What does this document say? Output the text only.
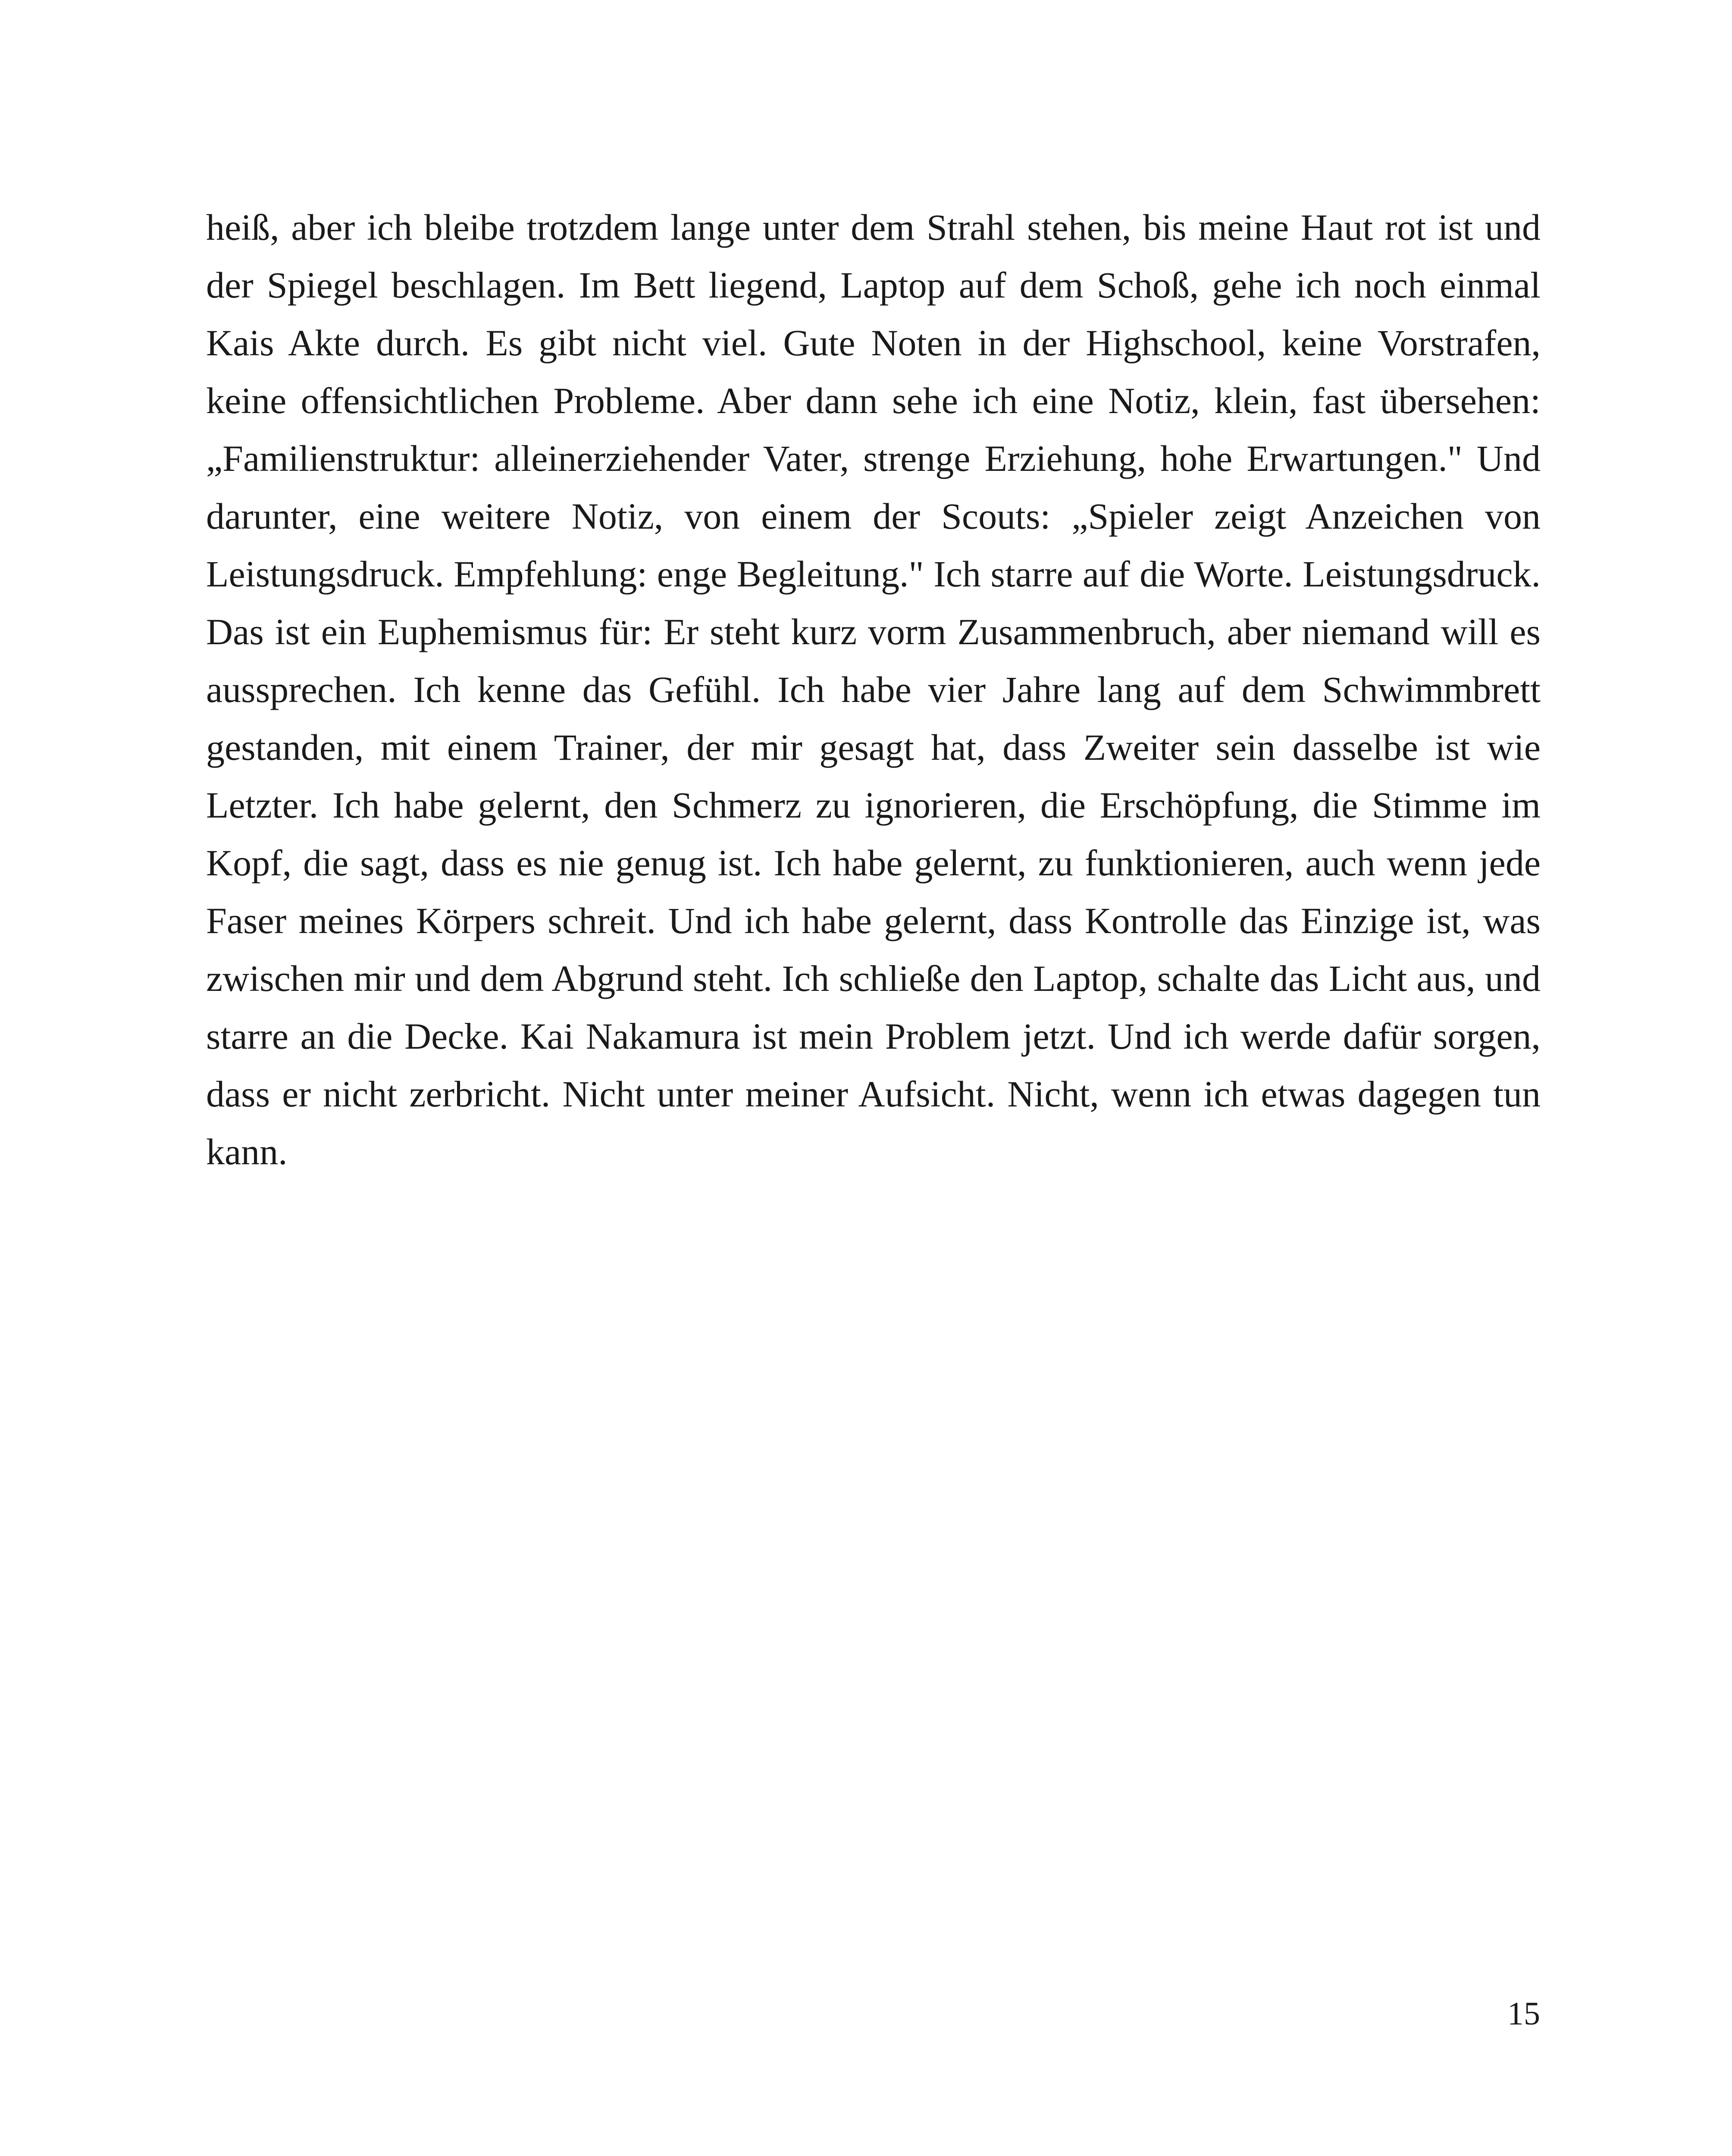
heiß, aber ich bleibe trotzdem lange unter dem Strahl stehen, bis meine Haut rot ist und der Spiegel beschlagen. Im Bett liegend, Laptop auf dem Schoß, gehe ich noch einmal Kais Akte durch. Es gibt nicht viel. Gute Noten in der Highschool, keine Vorstrafen, keine offensichtlichen Probleme. Aber dann sehe ich eine Notiz, klein, fast übersehen: „Familienstruktur: alleinerziehender Vater, strenge Erziehung, hohe Erwartungen." Und darunter, eine weitere Notiz, von einem der Scouts: „Spieler zeigt Anzeichen von Leistungsdruck. Empfehlung: enge Begleitung." Ich starre auf die Worte. Leistungsdruck. Das ist ein Euphemismus für: Er steht kurz vorm Zusammenbruch, aber niemand will es aussprechen. Ich kenne das Gefühl. Ich habe vier Jahre lang auf dem Schwimmbrett gestanden, mit einem Trainer, der mir gesagt hat, dass Zweiter sein dasselbe ist wie Letzter. Ich habe gelernt, den Schmerz zu ignorieren, die Erschöpfung, die Stimme im Kopf, die sagt, dass es nie genug ist. Ich habe gelernt, zu funktionieren, auch wenn jede Faser meines Körpers schreit. Und ich habe gelernt, dass Kontrolle das Einzige ist, was zwischen mir und dem Abgrund steht. Ich schließe den Laptop, schalte das Licht aus, und starre an die Decke. Kai Nakamura ist mein Problem jetzt. Und ich werde dafür sorgen, dass er nicht zerbricht. Nicht unter meiner Aufsicht. Nicht, wenn ich etwas dagegen tun kann.

15
